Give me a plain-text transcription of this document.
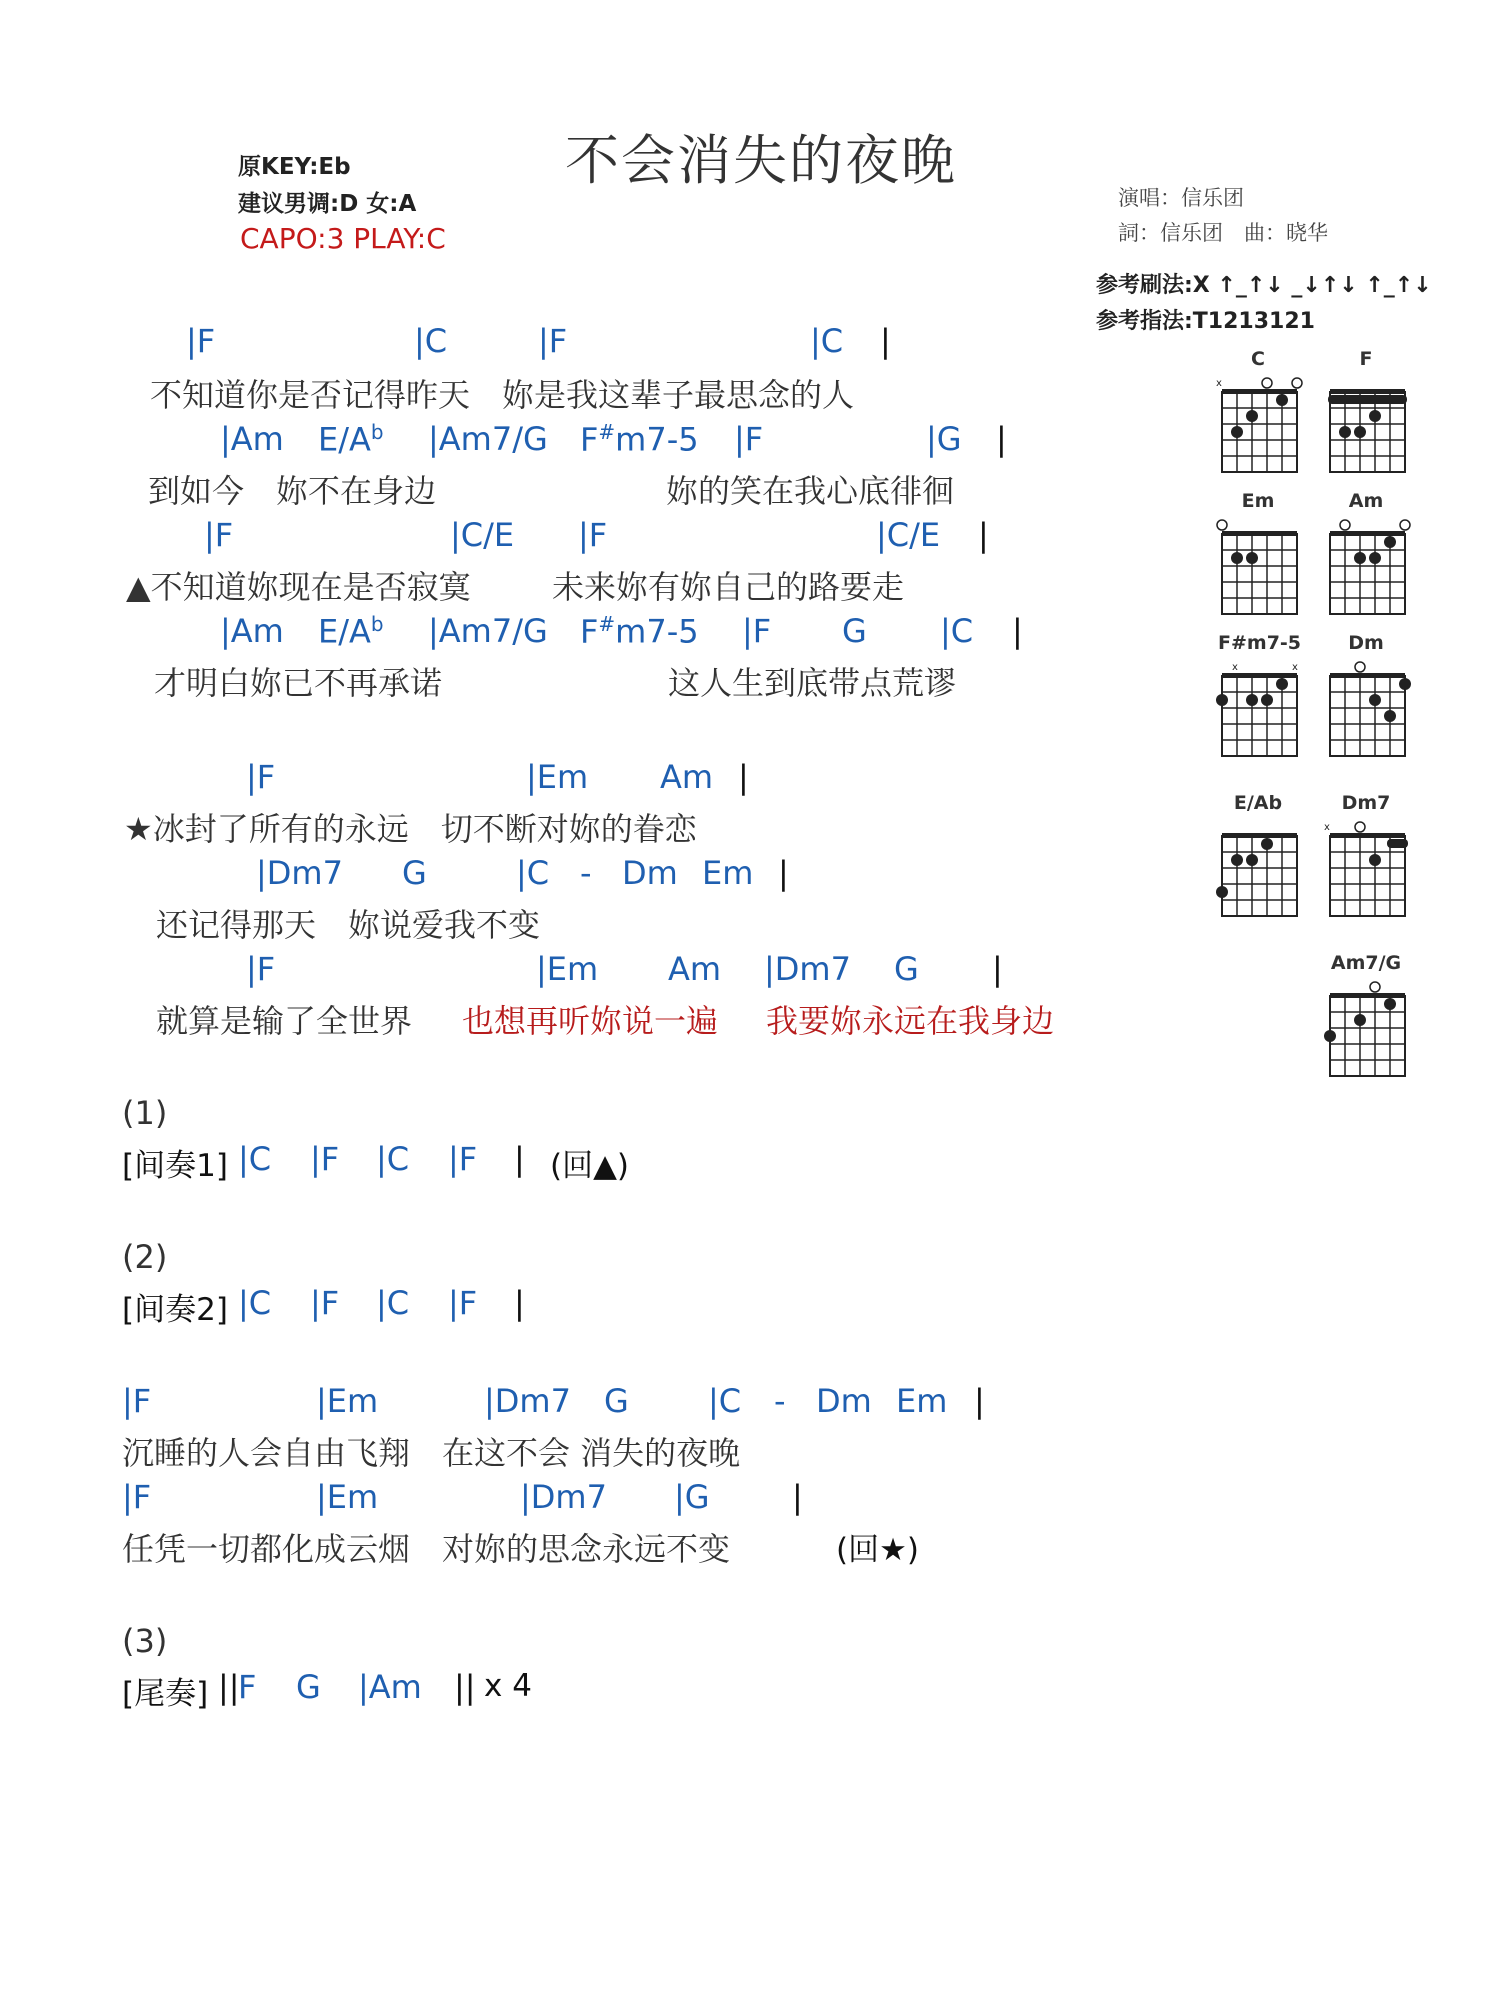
原KEY:Eb
建议男调:D 女:A
CAPO:3 PLAY:C
不会消失的夜晚
演唱：信乐团
詞：信乐团　曲：晓华
参考刷法:X ↑_↑↓ _↓↑↓ ↑_↑↓
参考指法:T1213121
|F	|C	|F	|C |
不知道你是否记得昨天　妳是我这辈子最思念的人
|Am $E/A^b$ |Am7/G F#m7-5 |F	|G |
到如今　妳不在身边	妳的笑在我心底徘徊
|F	|C/E |F	|C/E |
▲不知道妳现在是否寂寞	未来妳有妳自己的路要走
|Am $E/A^b$ |Am7/G F#m7-5 |F G |C |
才明白妳已不再承诺	这人生到底带点荒谬
|F	|Em Am |
★冰封了所有的永远　切不断对妳的眷恋
|Dm7 G	|C - Dm Em |
还记得那天　妳说爱我不变
|F	|Em Am |Dm7 G |
就算是输了全世界 也想再听妳说一遍 我要妳永远在我身边
(1)
[间奏1] |C |F |C |F | (回▲)
(2)
[间奏2] |C |F |C |F |
|F	|Em	|Dm7 G |C - Dm Em |
沉睡的人会自由飞翔　在这不会 消失的夜晚
|F	|Em	|Dm7 |G	|
任凭一切都化成云烟　对妳的思念永远不变	(回★)
(3)
[尾奏] ||
F G |Am || x 4
C	F
Em	Am
F#m7-5	Dm
E/Ab	Dm7
Am7/G
x
x	x
x
